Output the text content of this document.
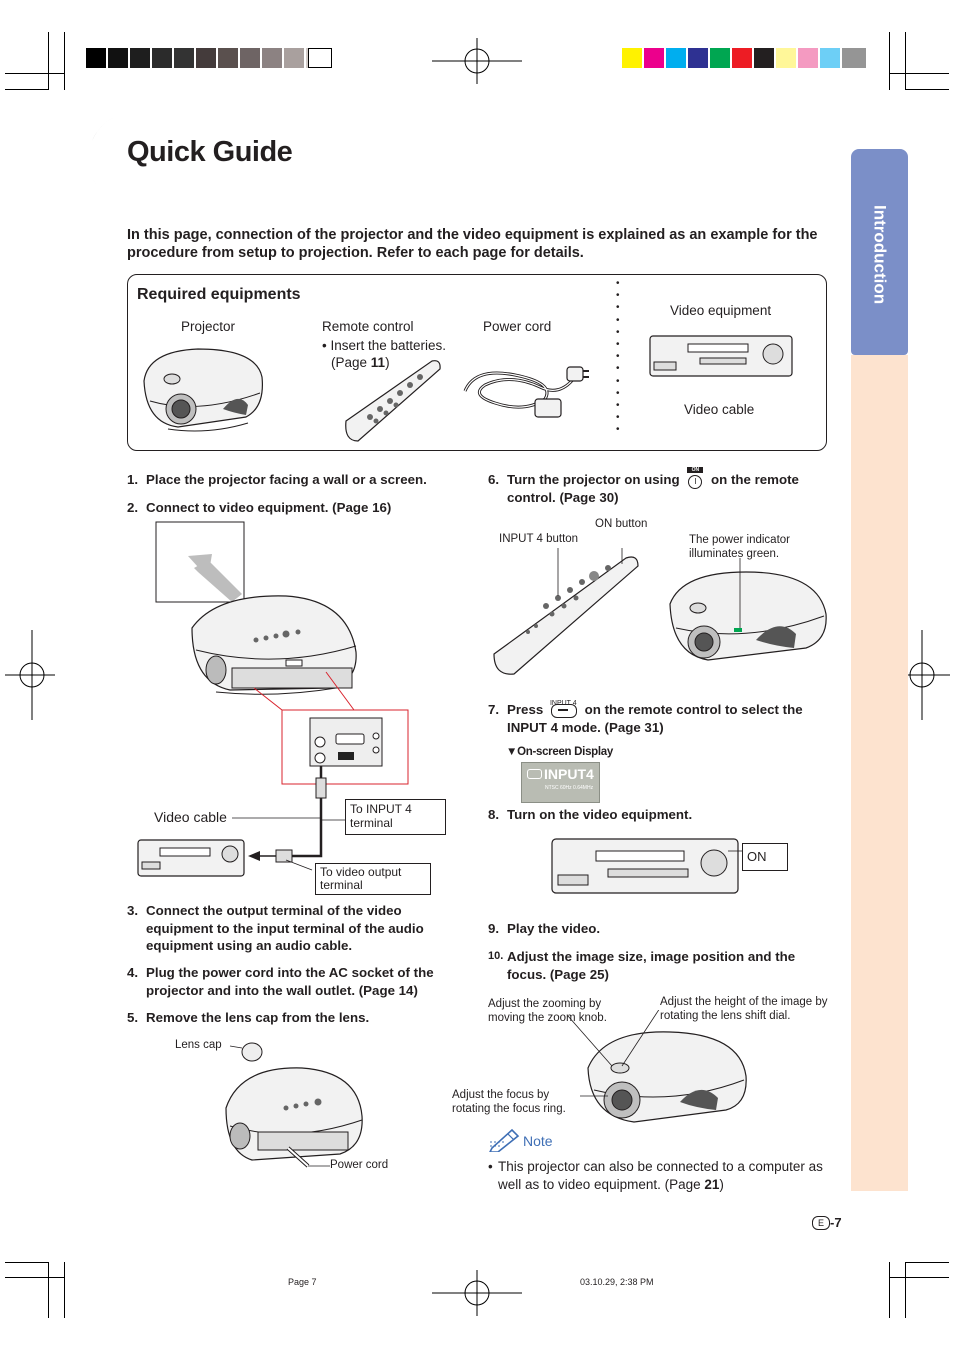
Introduction
Quick Guide
In this page, connection of the projector and the video equipment is explained as an example for the procedure from setup to projection. Refer to each page for details.
Required equipments
Projector	Remote control
• Insert the batteries.
(Page 11)
Power cord
Video equipment
Video cable
•
•
•
•
•
•
•
•
•
•
•
•
•
1. Place the projector facing a wall or a screen.
2. Connect to video equipment. (Page 16)
Video cable	To INPUT 4 terminal
To video output terminal
3. Connect the output terminal of the video equipment to the input terminal of the audio equipment using an audio cable.
4. Plug the power cord into the AC socket of the projector and into the wall outlet. (Page 14)
5. Remove the lens cap from the lens.
Lens cap
Power cord
6. Turn the projector on using
ON
I	on the remote control. (Page 30)
INPUT 4 button
ON button
The power indicator illuminates green.
7. Press INPUT 4 on the remote control to select the INPUT 4 mode. (Page 31)
▼On-screen Display
INPUT4
NTSC 60Hz 0.64MHz
8. Turn on the video equipment.
ON
9. Play the video.
10. Adjust the image size, image position and the focus. (Page 25)
Adjust the zooming by moving the zoom knob.
Adjust the height of the image by rotating the lens shift dial.
Adjust the focus by rotating the focus ring.
Note
• This projector can also be connected to a computer as well as to video equipment. (Page 21)
E -7
Page 7	03.10.29, 2:38 PM
